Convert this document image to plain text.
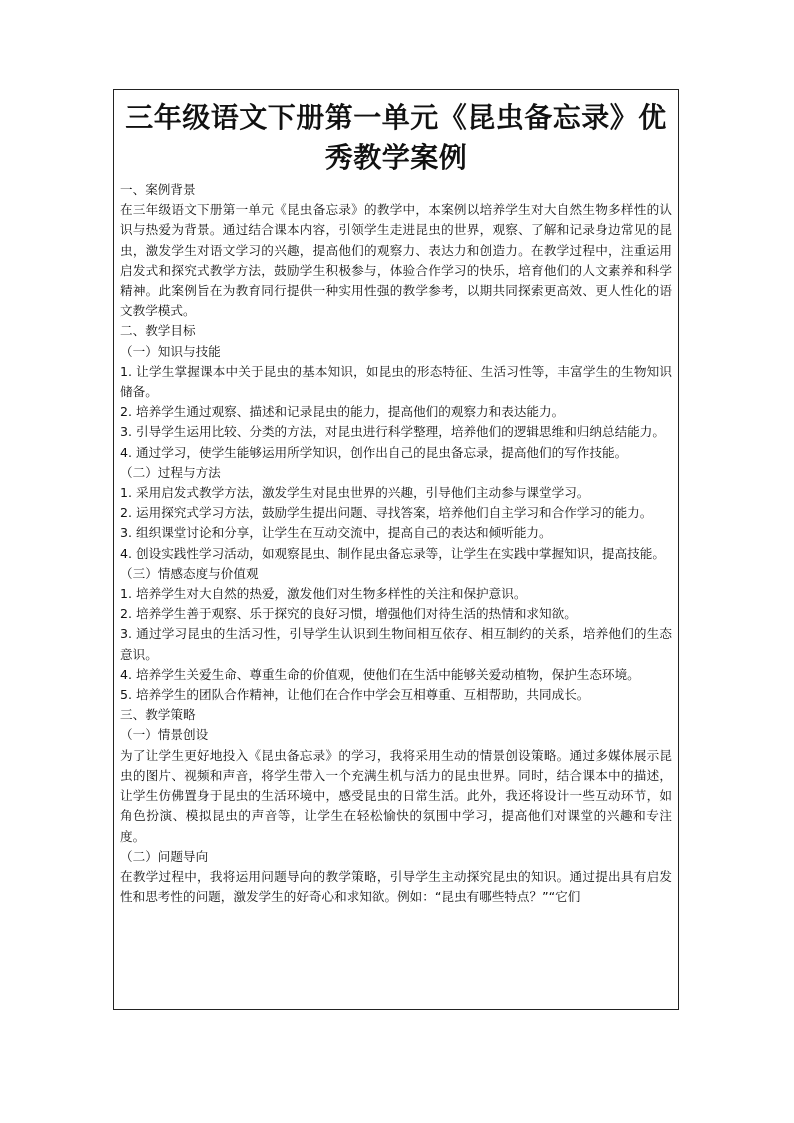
三年级语文下册第一单元《昆虫备忘录》优秀教学案例

一、案例背景

在三年级语文下册第一单元《昆虫备忘录》的教学中，本案例以培养学生对大自然生物多样性的认识与热爱为背景。通过结合课本内容，引领学生走进昆虫的世界，观察、了解和记录身边常见的昆虫，激发学生对语文学习的兴趣，提高他们的观察力、表达力和创造力。在教学过程中，注重运用启发式和探究式教学方法，鼓励学生积极参与，体验合作学习的快乐，培育他们的人文素养和科学精神。此案例旨在为教育同行提供一种实用性强的教学参考，以期共同探索更高效、更人性化的语文教学模式。

二、教学目标

（一）知识与技能

1. 让学生掌握课本中关于昆虫的基本知识，如昆虫的形态特征、生活习性等，丰富学生的生物知识储备。

2. 培养学生通过观察、描述和记录昆虫的能力，提高他们的观察力和表达能力。

3. 引导学生运用比较、分类的方法，对昆虫进行科学整理，培养他们的逻辑思维和归纳总结能力。

4. 通过学习，使学生能够运用所学知识，创作出自己的昆虫备忘录，提高他们的写作技能。

（二）过程与方法

1. 采用启发式教学方法，激发学生对昆虫世界的兴趣，引导他们主动参与课堂学习。

2. 运用探究式学习方法，鼓励学生提出问题、寻找答案，培养他们自主学习和合作学习的能力。

3. 组织课堂讨论和分享，让学生在互动交流中，提高自己的表达和倾听能力。

4. 创设实践性学习活动，如观察昆虫、制作昆虫备忘录等，让学生在实践中掌握知识，提高技能。

（三）情感态度与价值观

1. 培养学生对大自然的热爱，激发他们对生物多样性的关注和保护意识。

2. 培养学生善于观察、乐于探究的良好习惯，增强他们对待生活的热情和求知欲。

3. 通过学习昆虫的生活习性，引导学生认识到生物间相互依存、相互制约的关系，培养他们的生态意识。

4. 培养学生关爱生命、尊重生命的价值观，使他们在生活中能够关爱动植物，保护生态环境。

5. 培养学生的团队合作精神，让他们在合作中学会互相尊重、互相帮助，共同成长。

三、教学策略

（一）情景创设

为了让学生更好地投入《昆虫备忘录》的学习，我将采用生动的情景创设策略。通过多媒体展示昆虫的图片、视频和声音，将学生带入一个充满生机与活力的昆虫世界。同时，结合课本中的描述，让学生仿佛置身于昆虫的生活环境中，感受昆虫的日常生活。此外，我还将设计一些互动环节，如角色扮演、模拟昆虫的声音等，让学生在轻松愉快的氛围中学习，提高他们对课堂的兴趣和专注度。

（二）问题导向

在教学过程中，我将运用问题导向的教学策略，引导学生主动探究昆虫的知识。通过提出具有启发性和思考性的问题，激发学生的好奇心和求知欲。例如：“昆虫有哪些特点？”“它们
